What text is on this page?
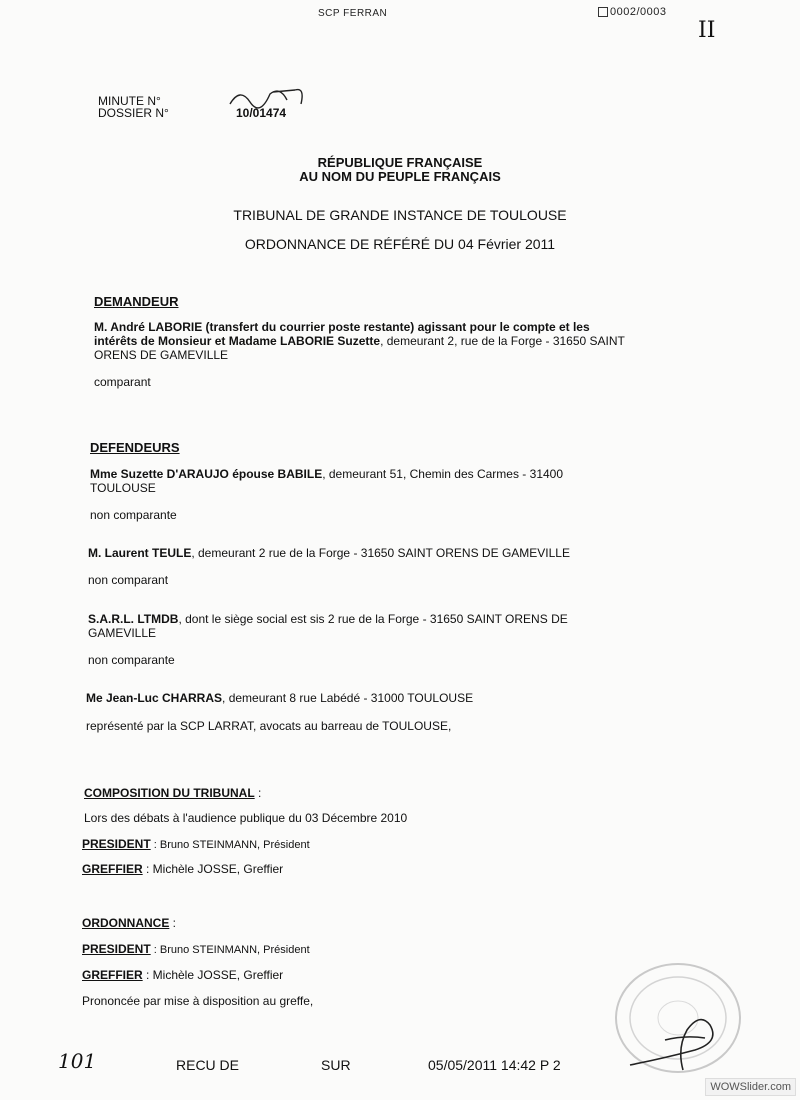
SCP FERRAN	0002/0003
II
MINUTE N°
DOSSIER N°	10/01474
RÉPUBLIQUE FRANÇAISE
AU NOM DU PEUPLE FRANÇAIS
TRIBUNAL DE GRANDE INSTANCE DE TOULOUSE
ORDONNANCE DE RÉFÉRÉ DU 04 Février 2011
DEMANDEUR
M. André LABORIE (transfert du courrier poste restante) agissant pour le compte et les intérêts de Monsieur et Madame LABORIE Suzette, demeurant 2, rue de la Forge - 31650 SAINT ORENS DE GAMEVILLE
comparant
DEFENDEURS
Mme Suzette D'ARAUJO épouse BABILE, demeurant 51, Chemin des Carmes - 31400 TOULOUSE
non comparante
M. Laurent TEULE, demeurant 2 rue de la Forge - 31650 SAINT ORENS DE GAMEVILLE
non comparant
S.A.R.L. LTMDB, dont le siège social est sis 2 rue de la Forge - 31650 SAINT ORENS DE GAMEVILLE
non comparante
Me Jean-Luc CHARRAS, demeurant 8 rue Labédé - 31000 TOULOUSE
représenté par la SCP LARRAT, avocats au barreau de TOULOUSE,
COMPOSITION DU TRIBUNAL :
Lors des débats à l'audience publique du 03 Décembre 2010
PRESIDENT : Bruno STEINMANN, Président
GREFFIER : Michèle JOSSE, Greffier
ORDONNANCE :
PRESIDENT : Bruno STEINMANN, Président
GREFFIER : Michèle JOSSE, Greffier
Prononcée par mise à disposition au greffe,
101	RECU DE	SUR	05/05/2011 14:42 P 2
WOWSlider.com
